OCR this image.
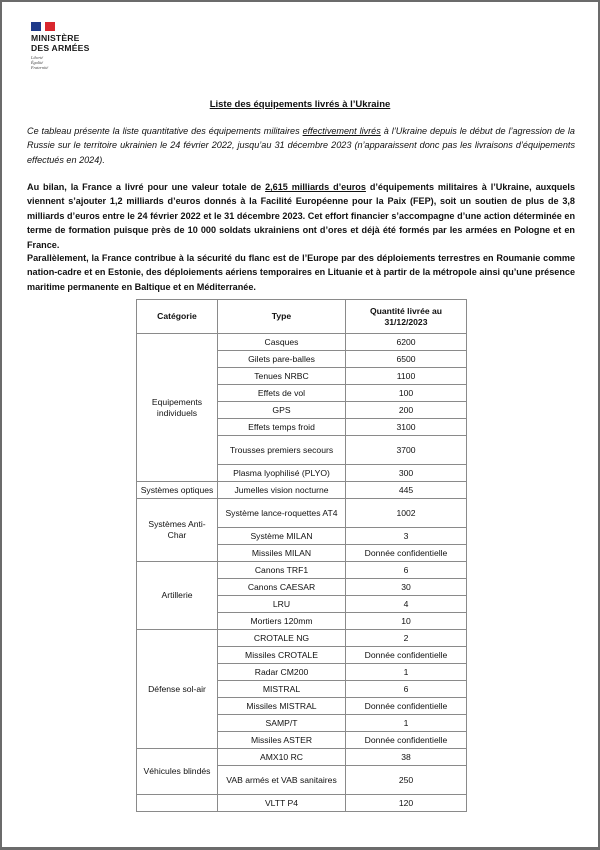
MINISTÈRE
DES ARMÉES
Liberté
Égalité
Fraternité
Liste des équipements livrés à l’Ukraine
Ce tableau présente la liste quantitative des équipements militaires effectivement livrés à l’Ukraine depuis le début de l’agression de la Russie sur le territoire ukrainien le 24 février 2022, jusqu’au 31 décembre 2023 (n’apparaissent donc pas les livraisons d’équipements effectués en 2024).
Au bilan, la France a livré pour une valeur totale de 2,615 milliards d’euros d’équipements militaires à l’Ukraine, auxquels viennent s’ajouter 1,2 milliards d’euros donnés à la Facilité Européenne pour la Paix (FEP), soit un soutien de plus de 3,8 milliards d’euros entre le 24 février 2022 et le 31 décembre 2023. Cet effort financier s’accompagne d’une action déterminée en terme de formation puisque près de 10 000 soldats ukrainiens ont d’ores et déjà été formés par les armées en Pologne et en France.
Parallèlement, la France contribue à la sécurité du flanc est de l’Europe par des déploiements terrestres en Roumanie comme nation-cadre et en Estonie, des déploiements aériens temporaires en Lituanie et à partir de la métropole ainsi qu’une présence maritime permanente en Baltique et en Méditerranée.
Catégorie	Type	Quantité livrée au 31/12/2023
Equipements individuels	Casques	6200
	Gilets pare-balles	6500
	Tenues NRBC	1100
	Effets de vol	100
	GPS	200
	Effets temps froid	3100
	Trousses premiers secours	3700
	Plasma lyophilisé (PLYO)	300
Systèmes optiques	Jumelles vision nocturne	445
Systèmes Anti-Char	Système lance-roquettes AT4	1002
	Système MILAN	3
	Missiles MILAN	Donnée confidentielle
Artillerie	Canons TRF1	6
	Canons CAESAR	30
	LRU	4
	Mortiers 120mm	10
Défense sol-air	CROTALE NG	2
	Missiles CROTALE	Donnée confidentielle
	Radar CM200	1
	MISTRAL	6
	Missiles MISTRAL	Donnée confidentielle
	SAMP/T	1
	Missiles ASTER	Donnée confidentielle
Véhicules blindés	AMX10 RC	38
	VAB armés et VAB sanitaires	250
	VLTT P4	120
